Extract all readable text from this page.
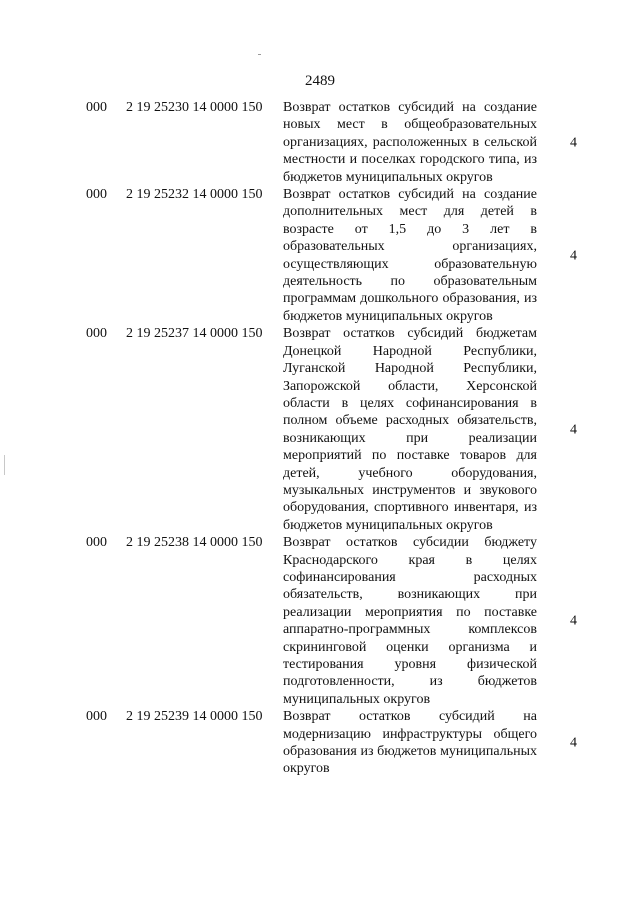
2489
000 2 19 25230 14 0000 150 Возврат остатков субсидий на создание новых мест в общеобразовательных организациях, расположенных в сельской местности и поселках городского типа, из бюджетов муниципальных округов
4
000 2 19 25232 14 0000 150 Возврат остатков субсидий на создание дополнительных мест для детей в возрасте от 1,5 до 3 лет в образовательных организациях, осуществляющих образовательную деятельность по образовательным программам дошкольного образования, из бюджетов муниципальных округов
4
000 2 19 25237 14 0000 150 Возврат остатков субсидий бюджетам Донецкой Народной Республики, Луганской Народной Республики, Запорожской области, Херсонской области в целях софинансирования в полном объеме расходных обязательств, возникающих при реализации мероприятий по поставке товаров для детей, учебного оборудования, музыкальных инструментов и звукового оборудования, спортивного инвентаря, из бюджетов муниципальных округов
4
000 2 19 25238 14 0000 150 Возврат остатков субсидии бюджету Краснодарского края в целях софинансирования расходных обязательств, возникающих при реализации мероприятия по поставке аппаратно-программных комплексов скрининговой оценки организма и тестирования уровня физической подготовленности, из бюджетов муниципальных округов
4
000 2 19 25239 14 0000 150 Возврат остатков субсидий на модернизацию инфраструктуры общего образования из бюджетов муниципальных округов
4
